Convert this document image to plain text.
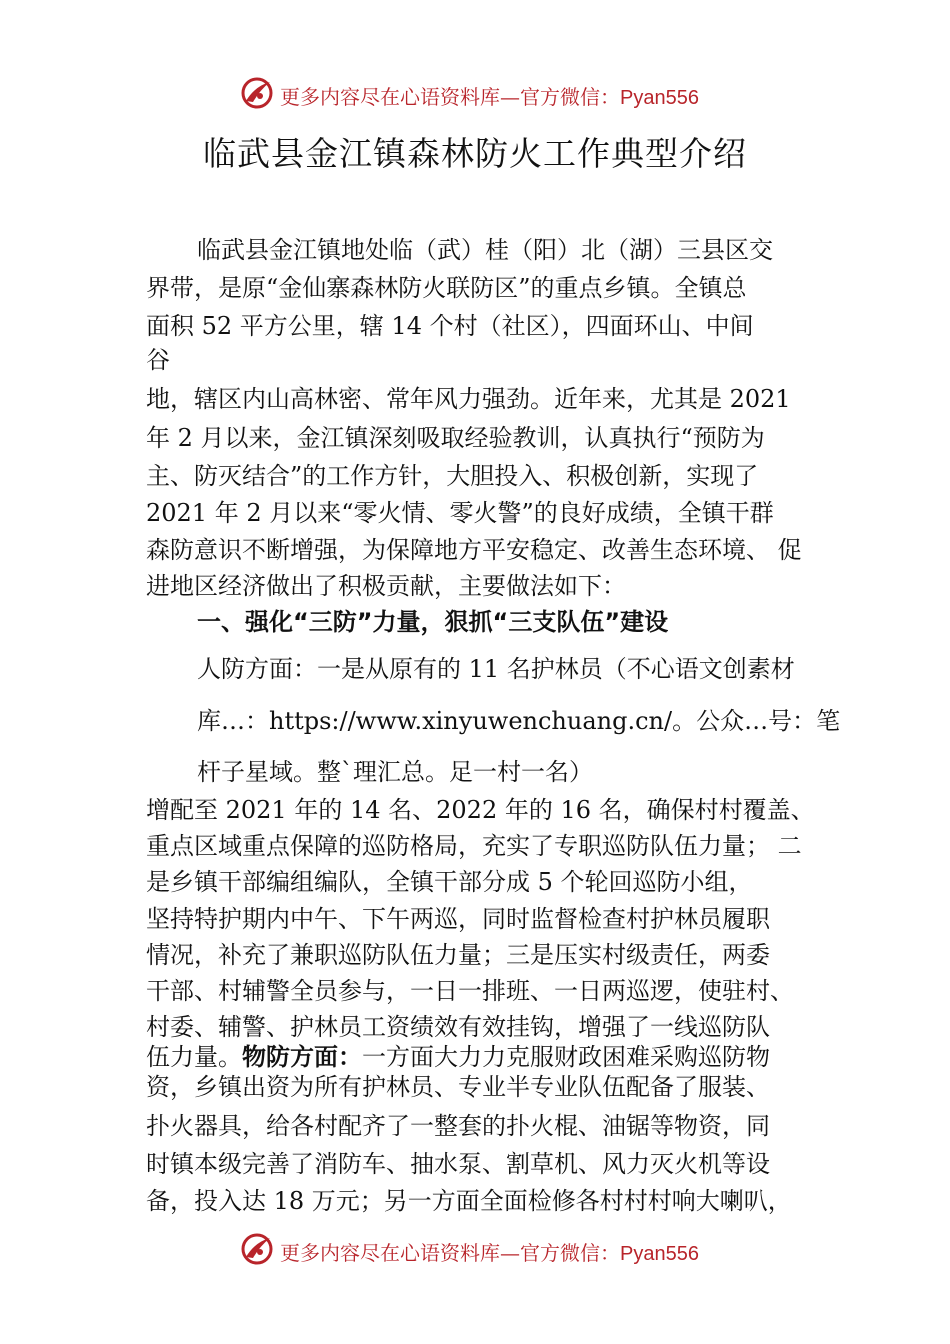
更多内容尽在心语资料库—官方微信：Pyan556
临武县金江镇森林防火工作典型介绍
临武县金江镇地处临（武）桂（阳）北（湖）三县区交
界带，是原“金仙寨森林防火联防区”的重点乡镇。全镇总
面积 52 平方公里，辖 14 个村（社区），四面环山、中间
谷
地，辖区内山高林密、常年风力强劲。近年来，尤其是 2021
年 2 月以来，金江镇深刻吸取经验教训，认真执行“预防为
主、防灭结合”的工作方针，大胆投入、积极创新，实现了
2021 年 2 月以来“零火情、零火警”的良好成绩，全镇干群
森防意识不断增强，为保障地方平安稳定、改善生态环境、 促
进地区经济做出了积极贡献，主要做法如下：
一、强化“三防”力量，狠抓“三支队伍”建设
人防方面：一是从原有的 11 名护林员（不心语文创素材
库…：https://www.xinyuwenchuang.cn/。公众…号：笔
杆子星域。整`理汇总。足一村一名）
增配至 2021 年的 14 名、2022 年的 16 名，确保村村覆盖、
重点区域重点保障的巡防格局，充实了专职巡防队伍力量； 二
是乡镇干部编组编队，全镇干部分成 5 个轮回巡防小组，
坚持特护期内中午、下午两巡，同时监督检查村护林员履职
情况，补充了兼职巡防队伍力量；三是压实村级责任，两委
干部、村辅警全员参与，一日一排班、一日两巡逻，使驻村、
村委、辅警、护林员工资绩效有效挂钩，增强了一线巡防队
伍力量。物防方面：一方面大力力克服财政困难采购巡防物
资，乡镇出资为所有护林员、专业半专业队伍配备了服装、
扑火器具，给各村配齐了一整套的扑火棍、油锯等物资，同
时镇本级完善了消防车、抽水泵、割草机、风力灭火机等设
备，投入达 18 万元；另一方面全面检修各村村村响大喇叭，
更多内容尽在心语资料库—官方微信：Pyan556
